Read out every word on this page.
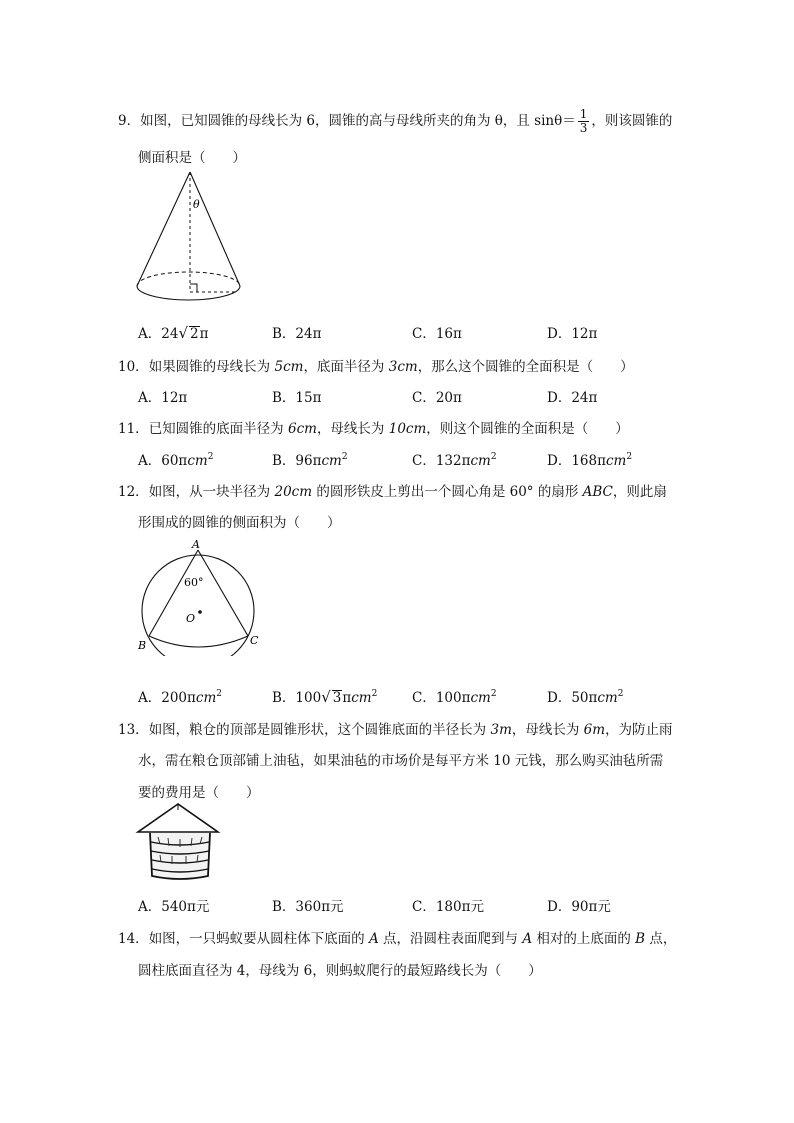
9．如图，已知圆锥的母线长为 6，圆锥的高与母线所夹的角为 θ，且 $\sin\theta= \frac{1}{3}$ ，则该圆锥的
侧面积是（　　）
θ
A．24√ 2π	B．24π	C．16π	D．12π
10．如果圆锥的母线长为 5cm，底面半径为 3cm，那么这个圆锥的全面积是（　　）
A．12π	B．15π	C．20π	D．24π
11．已知圆锥的底面半径为 6cm，母线长为 10cm，则这个圆锥的全面积是（　　）
A．60πcm$^2$	B．96πcm$^2$	C．132πcm$^2$	D．168πcm$^2$
12．如图，从一块半径为 20cm 的圆形铁皮上剪出一个圆心角是 60° 的扇形 ABC，则此扇
形围成的圆锥的侧面积为（　　）
A
60°
O
B	C
A．200πcm$^2$	B．100√ 3πcm$^2$	C．100πcm$^2$	D．50πcm$^2$
13．如图，粮仓的顶部是圆锥形状，这个圆锥底面的半径长为 3m，母线长为 6m，为防止雨
水，需在粮仓顶部铺上油毡，如果油毡的市场价是每平方米 10 元钱，那么购买油毡所需
要的费用是（　　）
A．540π元	B．360π元	C．180π元	D．90π元
14．如图，一只蚂蚁要从圆柱体下底面的 A 点，沿圆柱表面爬到与 A 相对的上底面的 B 点，
圆柱底面直径为 4，母线为 6，则蚂蚁爬行的最短路线长为（　　）
